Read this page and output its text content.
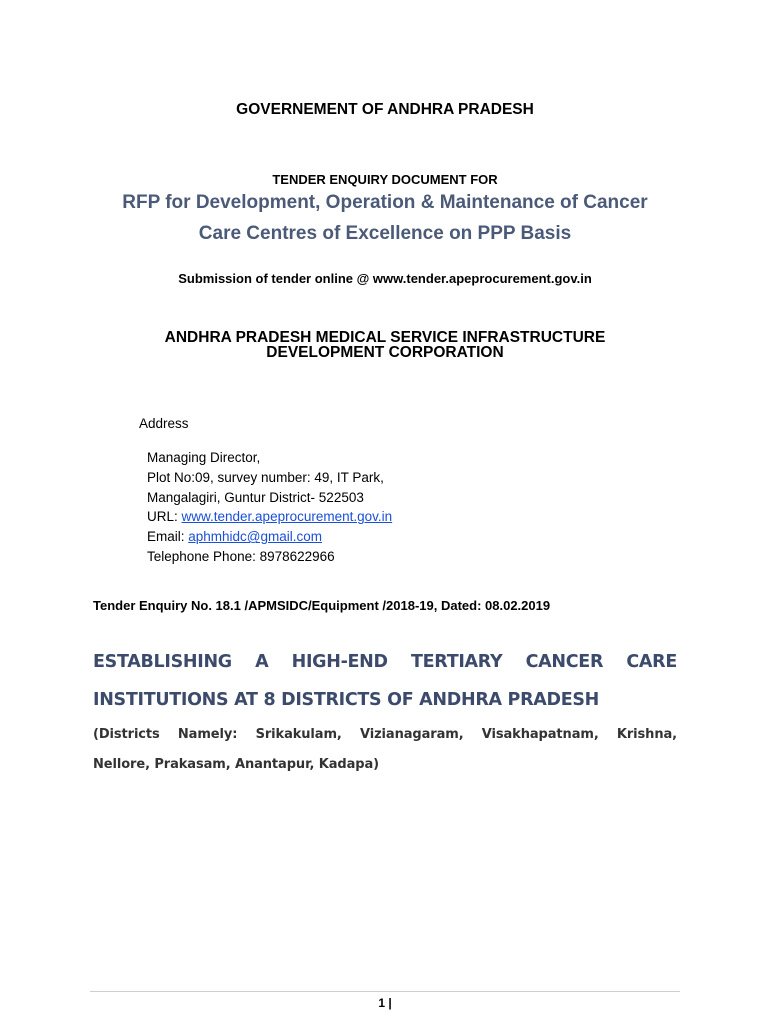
GOVERNEMENT OF ANDHRA PRADESH
TENDER ENQUIRY DOCUMENT FOR
RFP for Development, Operation & Maintenance of Cancer
Care Centres of Excellence on PPP Basis
Submission of tender online @ www.tender.apeprocurement.gov.in
ANDHRA PRADESH MEDICAL SERVICE INFRASTRUCTURE
DEVELOPMENT CORPORATION
Address
Managing Director,
Plot No:09, survey number: 49, IT Park,
Mangalagiri, Guntur District- 522503
URL: www.tender.apeprocurement.gov.in
Email: aphmhidc@gmail.com
Telephone Phone: 8978622966
Tender Enquiry No. 18.1 /APMSIDC/Equipment /2018-19, Dated: 08.02.2019
ESTABLISHING A HIGH-END TERTIARY CANCER CARE
INSTITUTIONS AT 8 DISTRICTS OF ANDHRA PRADESH
(Districts Namely: Srikakulam, Vizianagaram, Visakhapatnam, Krishna,
Nellore, Prakasam, Anantapur, Kadapa)
1 |
